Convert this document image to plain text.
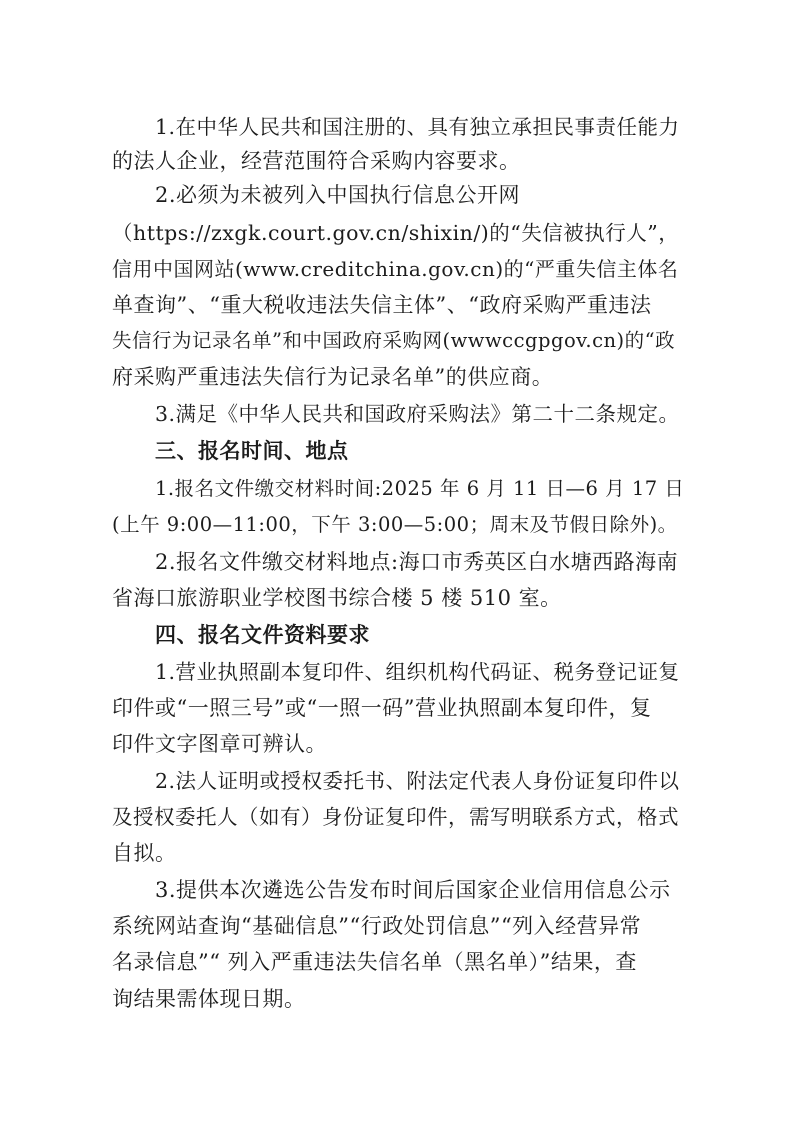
1.在中华人民共和国注册的、具有独立承担民事责任能力
的法人企业，经营范围符合采购内容要求。
2.必须为未被列入中国执行信息公开网
（https://zxgk.court.gov.cn/shixin/)的“失信被执行人”，
信用中国网站(www.creditchina.gov.cn)的“严重失信主体名
单查询”、“重大税收违法失信主体”、“政府采购严重违法
失信行为记录名单”和中国政府采购网(wwwccgpgov.cn)的“政
府采购严重违法失信行为记录名单”的供应商。
3.满足《中华人民共和国政府采购法》第二十二条规定。
三、报名时间、地点
1.报名文件缴交材料时间:2025 年 6 月 11 日—6 月 17 日
(上午 9:00—11:00，下午 3:00—5:00；周末及节假日除外)。
2.报名文件缴交材料地点:海口市秀英区白水塘西路海南
省海口旅游职业学校图书综合楼 5 楼 510 室。
四、报名文件资料要求
1.营业执照副本复印件、组织机构代码证、税务登记证复
印件或“一照三号”或“一照一码”营业执照副本复印件，复
印件文字图章可辨认。
2.法人证明或授权委托书、附法定代表人身份证复印件以
及授权委托人（如有）身份证复印件，需写明联系方式，格式
自拟。
3.提供本次遴选公告发布时间后国家企业信用信息公示
系统网站查询“基础信息”“行政处罚信息”“列入经营异常
名录信息”“ 列入严重违法失信名单（黑名单）”结果，查
询结果需体现日期。
